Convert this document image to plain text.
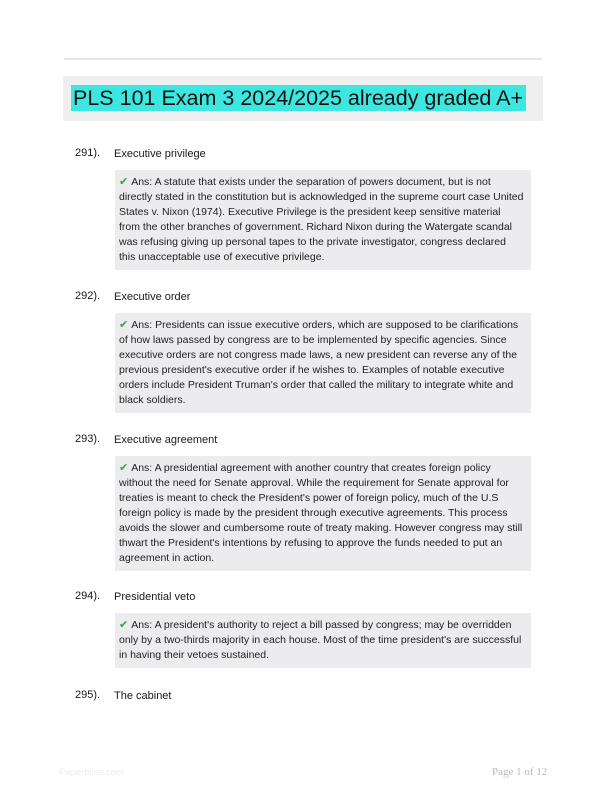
PLS 101 Exam 3 2024/2025 already graded A+
291). Executive privilege
✔ Ans: A statute that exists under the separation of powers document, but is not directly stated in the constitution but is acknowledged in the supreme court case United States v. Nixon (1974). Executive Privilege is the president keep sensitive material from the other branches of government. Richard Nixon during the Watergate scandal was refusing giving up personal tapes to the private investigator, congress declared this unacceptable use of executive privilege.
292). Executive order
✔ Ans: Presidents can issue executive orders, which are supposed to be clarifications of how laws passed by congress are to be implemented by specific agencies. Since executive orders are not congress made laws, a new president can reverse any of the previous president's executive order if he wishes to. Examples of notable executive orders include President Truman's order that called the military to integrate white and black soldiers.
293). Executive agreement
✔ Ans: A presidential agreement with another country that creates foreign policy without the need for Senate approval. While the requirement for Senate approval for treaties is meant to check the President's power of foreign policy, much of the U.S foreign policy is made by the president through executive agreements. This process avoids the slower and cumbersome route of treaty making. However congress may still thwart the President's intentions by refusing to approve the funds needed to put an agreement in action.
294). Presidential veto
✔ Ans: A president's authority to reject a bill passed by congress; may be overridden only by a two-thirds majority in each house. Most of the time president's are successful in having their vetoes sustained.
295). The cabinet
Paperbliss.com	Page 1 of 12
